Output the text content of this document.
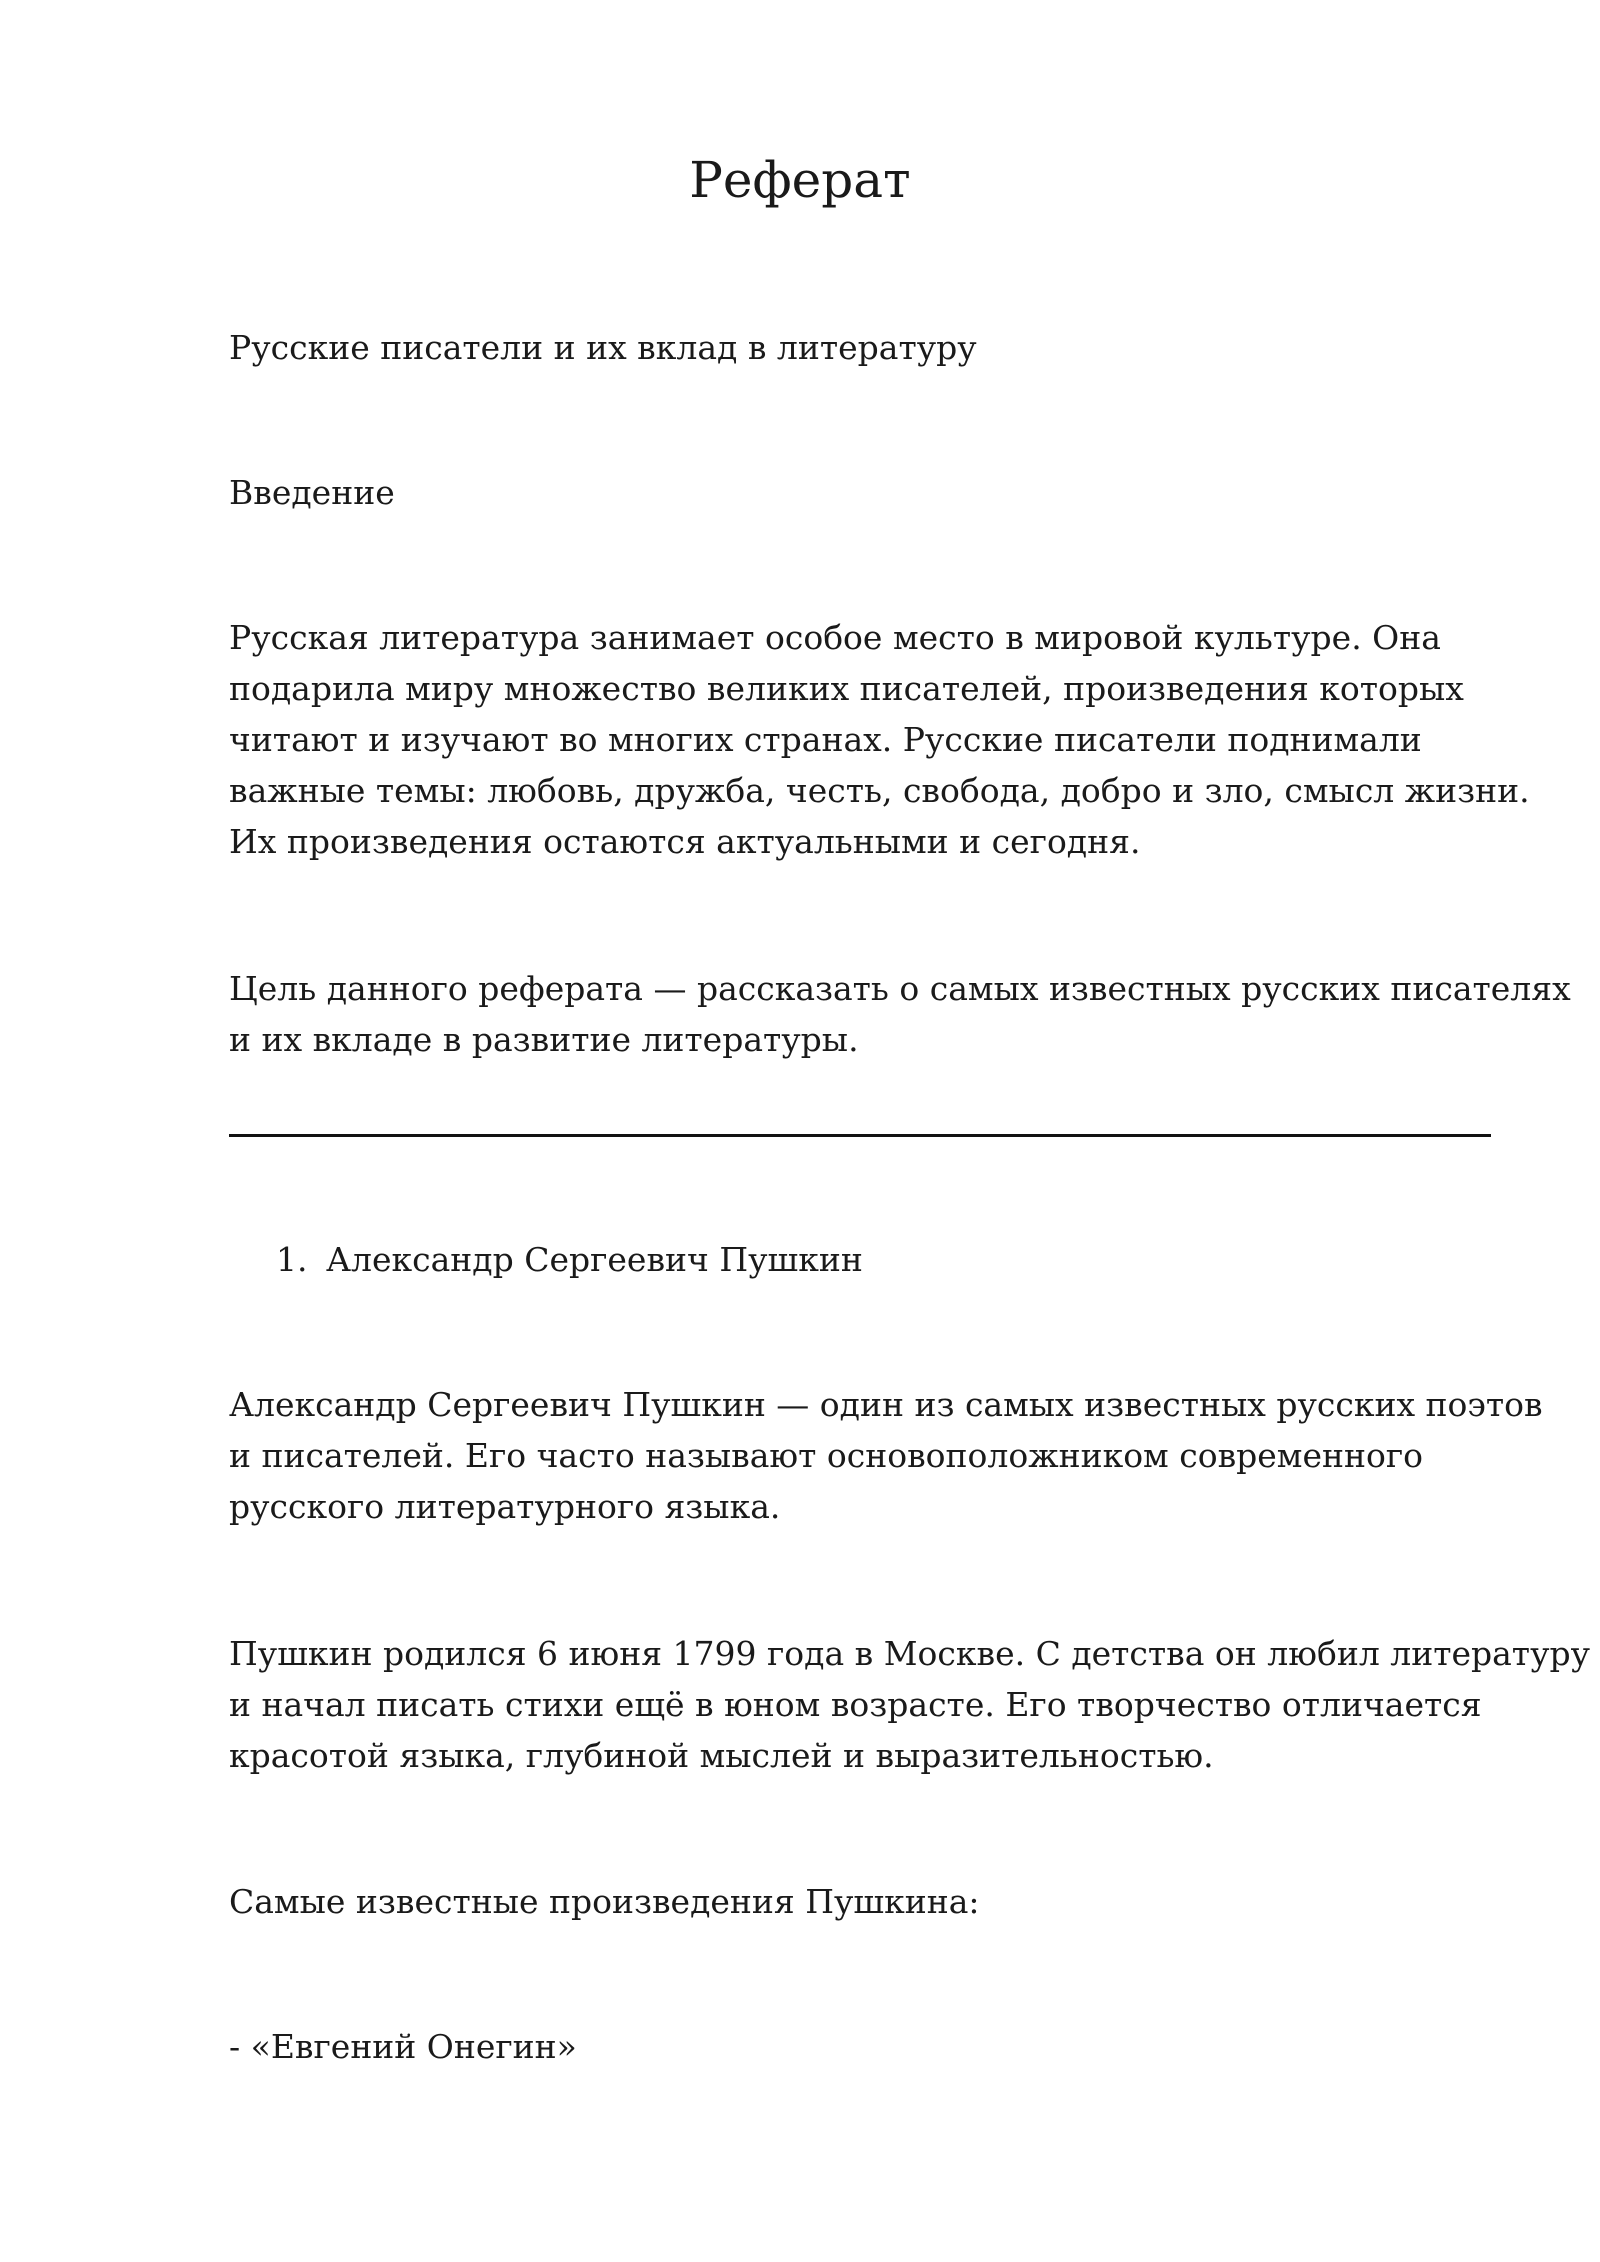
Реферат

Русские писатели и их вклад в литературу

Введение

Русская литература занимает особое место в мировой культуре. Она
подарила миру множество великих писателей, произведения которых
читают и изучают во многих странах. Русские писатели поднимали
важные темы: любовь, дружба, честь, свобода, добро и зло, смысл жизни.
Их произведения остаются актуальными и сегодня.

Цель данного реферата — рассказать о самых известных русских писателях
и их вкладе в развитие литературы.

1. Александр Сергеевич Пушкин

Александр Сергеевич Пушкин — один из самых известных русских поэтов
и писателей. Его часто называют основоположником современного
русского литературного языка.

Пушкин родился 6 июня 1799 года в Москве. С детства он любил литературу
и начал писать стихи ещё в юном возрасте. Его творчество отличается
красотой языка, глубиной мыслей и выразительностью.

Самые известные произведения Пушкина:

- «Евгений Онегин»
